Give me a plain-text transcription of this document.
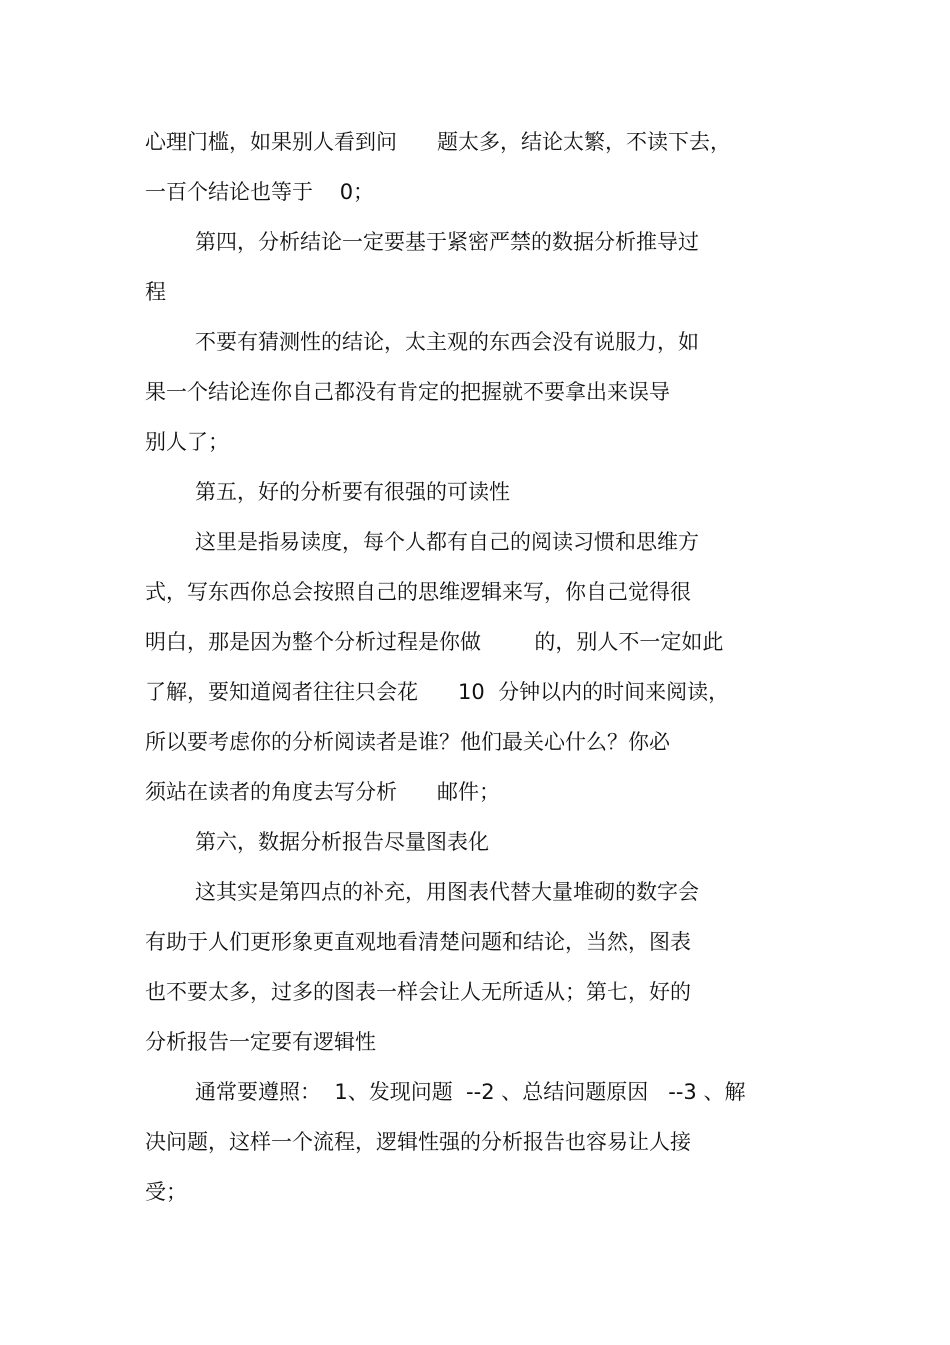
心理门槛，如果别人看到问      题太多，结论太繁，不读下去，
一百个结论也等于    0；
第四，分析结论一定要基于紧密严禁的数据分析推导过
程
不要有猜测性的结论，太主观的东西会没有说服力，如
果一个结论连你自己都没有肯定的把握就不要拿出来误导
别人了；
第五，好的分析要有很强的可读性
这里是指易读度，每个人都有自己的阅读习惯和思维方
式，写东西你总会按照自己的思维逻辑来写，你自己觉得很
明白，那是因为整个分析过程是你做        的，别人不一定如此
了解，要知道阅者往往只会花      10  分钟以内的时间来阅读，
所以要考虑你的分析阅读者是谁？他们最关心什么？你必
须站在读者的角度去写分析      邮件；
第六，数据分析报告尽量图表化
这其实是第四点的补充，用图表代替大量堆砌的数字会
有助于人们更形象更直观地看清楚问题和结论，当然，图表
也不要太多，过多的图表一样会让人无所适从；第七，好的
分析报告一定要有逻辑性
通常要遵照：  1、发现问题  --2 、总结问题原因   --3 、解
决问题，这样一个流程，逻辑性强的分析报告也容易让人接
受；
